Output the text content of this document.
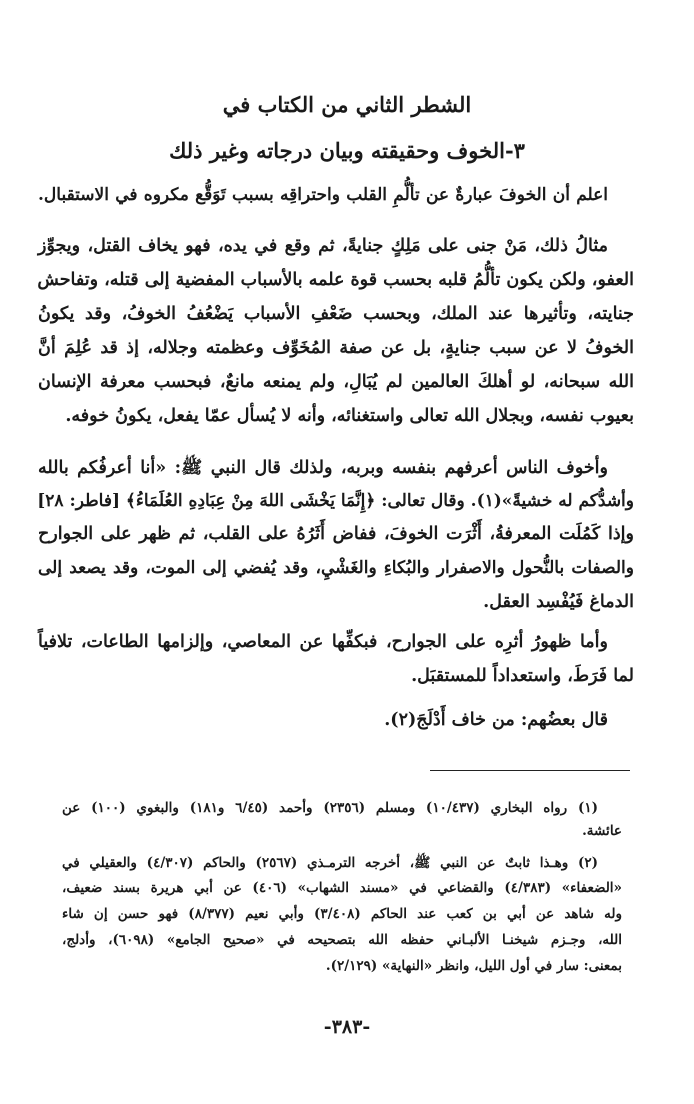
الشطر الثاني من الكتاب في
٣-الخوف وحقيقته وبيان درجاته وغير ذلك
اعلم أن الخوفَ عبارةٌ عن تألُّمِ القلب واحتراقِه بسبب تَوَقُّع مكروه في الاستقبال.
مثالُ ذلك، مَنْ جنى على مَلِكٍ جنايةً، ثم وقع في يده، فهو يخاف القتل، ويجوِّز
العفو، ولكن يكون تألُّمُ قلبه بحسب قوة علمه بالأسباب المفضية إلى قتله، وتفاحش
جنايته، وتأثيرها عند الملك، وبحسب ضَعْفِ الأسباب يَضْعُفُ الخوفُ، وقد يكونُ
الخوفُ لا عن سبب جنايةٍ، بل عن صفة المُخَوِّف وعظمته وجلاله، إذ قد عُلِمَ أنَّ
الله سبحانه، لو أهلكَ العالمين لم يُبَالِ، ولم يمنعه مانعٌ، فبحسب معرفة الإنسان
بعيوب نفسه، وبجلال الله تعالى واستغنائه، وأنه لا يُسأل عمّا يفعل، يكونُ خوفه.
وأخوف الناس أعرفهم بنفسه وبربه، ولذلك قال النبي ﷺ: «أنا أعرفُكم بالله
وأشدُّكم له خشيةً»(١). وقال تعالى: ﴿إِنَّمَا يَخْشَى اللهَ مِنْ عِبَادِهِ العُلَمَاءُ﴾ [فاطر: ٢٨]
وإذا كَمُلَت المعرفةُ، أَثْرَت الخوفَ، ففاض أَثَرُهُ على القلب، ثم ظهر على الجوارح
والصفات بالنُّحول والاصفرار والبُكاءِ والغَشْيِ، وقد يُفضي إلى الموت، وقد يصعد إلى
الدماغ فَيُفْسِد العقل.
وأما ظهورُ أثرِه على الجوارح، فبكفِّها عن المعاصي، وإلزامها الطاعات، تلافياً
لما فَرَطَ، واستعداداً للمستقبَل.
قال بعضُهم: من خاف أَدْلَجَ(٢).
(١) رواه البخاري (١٠/٤٣٧) ومسلم (٢٣٥٦) وأحمد (٦/٤٥ و١٨١) والبغوي (١٠٠) عن
عائشة.
(٢) وهـذا ثابتٌ عن النبي ﷺ، أخرجه الترمـذي (٢٥٦٧) والحاكم (٤/٣٠٧) والعقيلي في
«الضعفاء» (٤/٣٨٣) والقضاعي في «مسند الشهاب» (٤٠٦) عن أبي هريرة بسند ضعيف،
وله شاهد عن أبي بن كعب عند الحاكم (٣/٤٠٨) وأبي نعيم (٨/٣٧٧) فهو حسن إن شاء
الله، وجـزم شيخنـا الألبـاني حفظه الله بتصحيحه في «صحيح الجامع» (٦٠٩٨)، وأدلج،
بمعنى: سار في أول الليل، وانظر «النهاية» (٢/١٢٩).
-٣٨٣-
